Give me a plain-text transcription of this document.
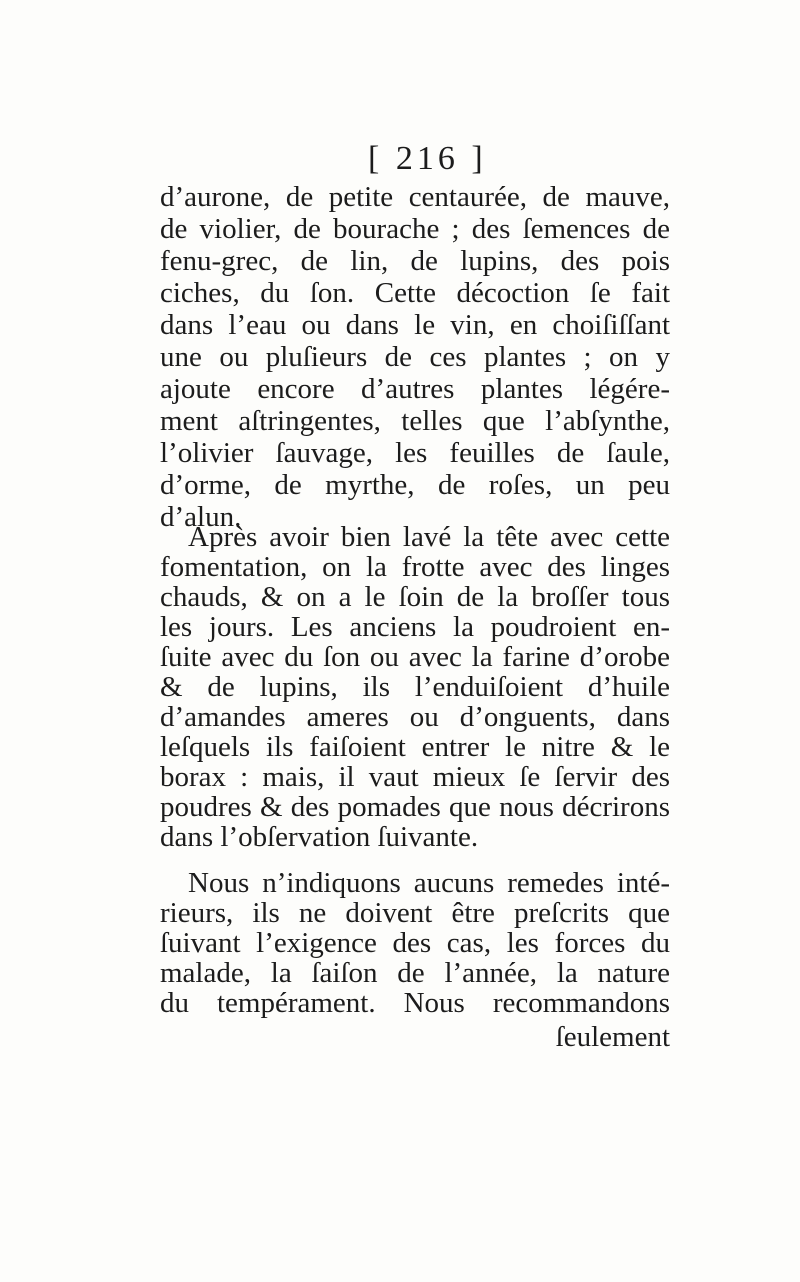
[ 216 ]
d’aurone, de petite centaurée, de mauve,
de violier, de bourache ; des ſemences de
fenu-grec, de lin, de lupins, des pois
ciches, du ſon. Cette décoction ſe fait
dans l’eau ou dans le vin, en choiſiſſant
une ou pluſieurs de ces plantes ; on y
ajoute encore d’autres plantes légére-
ment aſtringentes, telles que l’abſynthe,
l’olivier ſauvage, les feuilles de ſaule,
d’orme, de myrthe, de roſes, un peu
d’alun.
Après avoir bien lavé la tête avec cette
fomentation, on la frotte avec des linges
chauds, & on a le ſoin de la broſſer tous
les jours. Les anciens la poudroient en-
ſuite avec du ſon ou avec la farine d’orobe
& de lupins, ils l’enduiſoient d’huile
d’amandes ameres ou d’onguents, dans
leſquels ils faiſoient entrer le nitre & le
borax : mais, il vaut mieux ſe ſervir des
poudres & des pomades que nous décrirons
dans l’obſervation ſuivante.
Nous n’indiquons aucuns remedes inté-
rieurs, ils ne doivent être preſcrits que
ſuivant l’exigence des cas, les forces du
malade, la ſaiſon de l’année, la nature
du tempérament. Nous recommandons
ſeulement
